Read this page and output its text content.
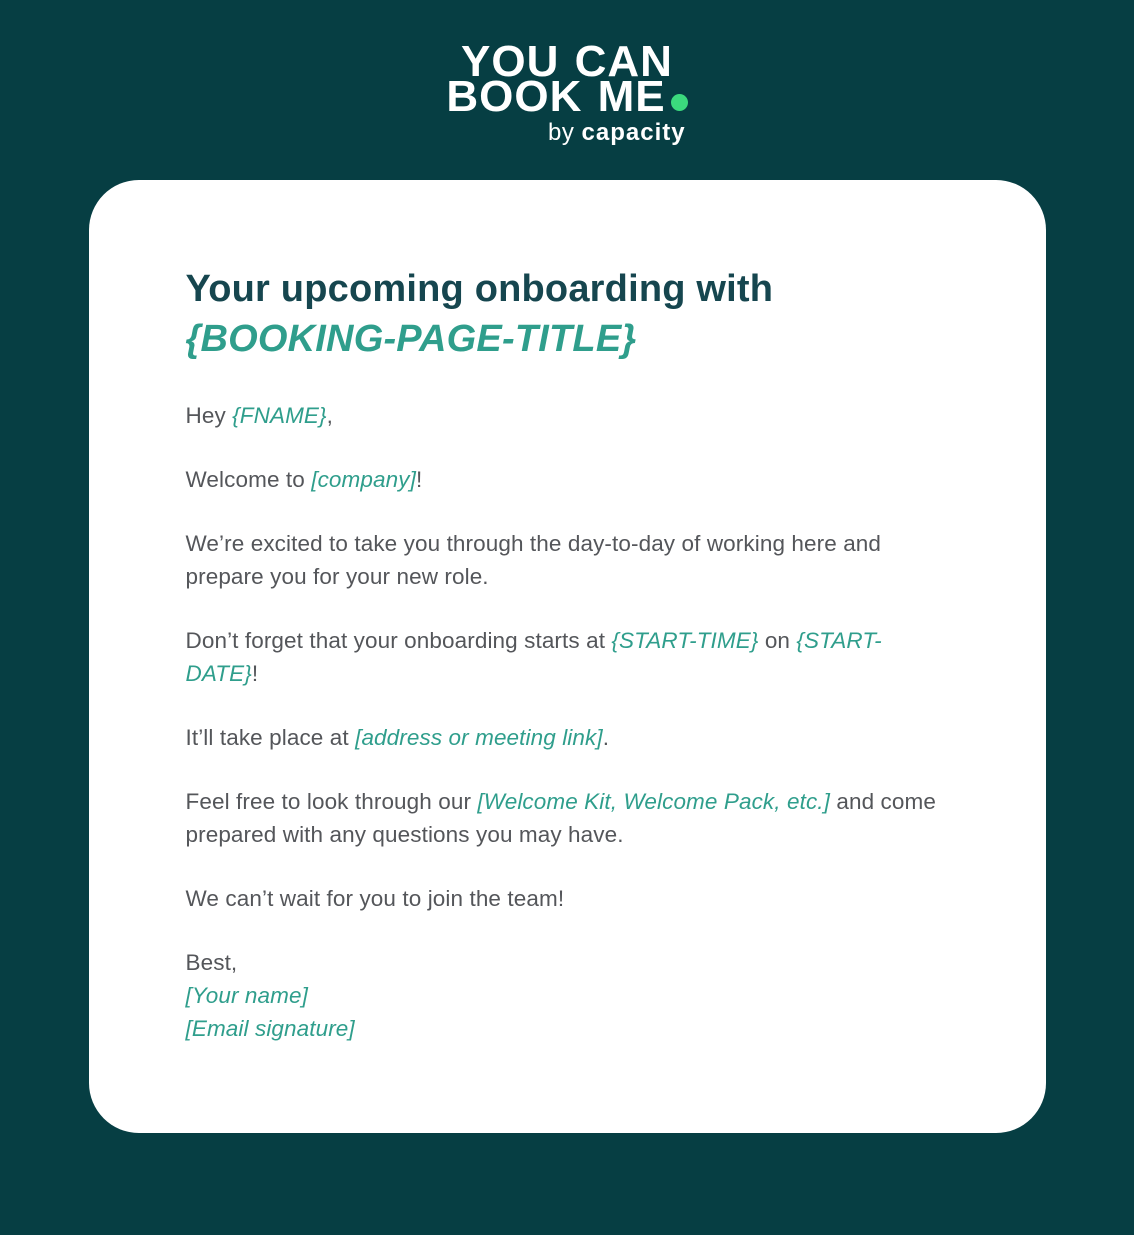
YOU CAN
BOOK ME
by capacity
Your upcoming onboarding with {BOOKING-PAGE-TITLE}

Hey {FNAME},

Welcome to [company]!

We’re excited to take you through the day-to-day of working here and prepare you for your new role.

Don’t forget that your onboarding starts at {START-TIME} on {START-DATE}!

It’ll take place at [address or meeting link].

Feel free to look through our [Welcome Kit, Welcome Pack, etc.] and come prepared with any questions you may have.

We can’t wait for you to join the team!

Best,
[Your name]
[Email signature]
